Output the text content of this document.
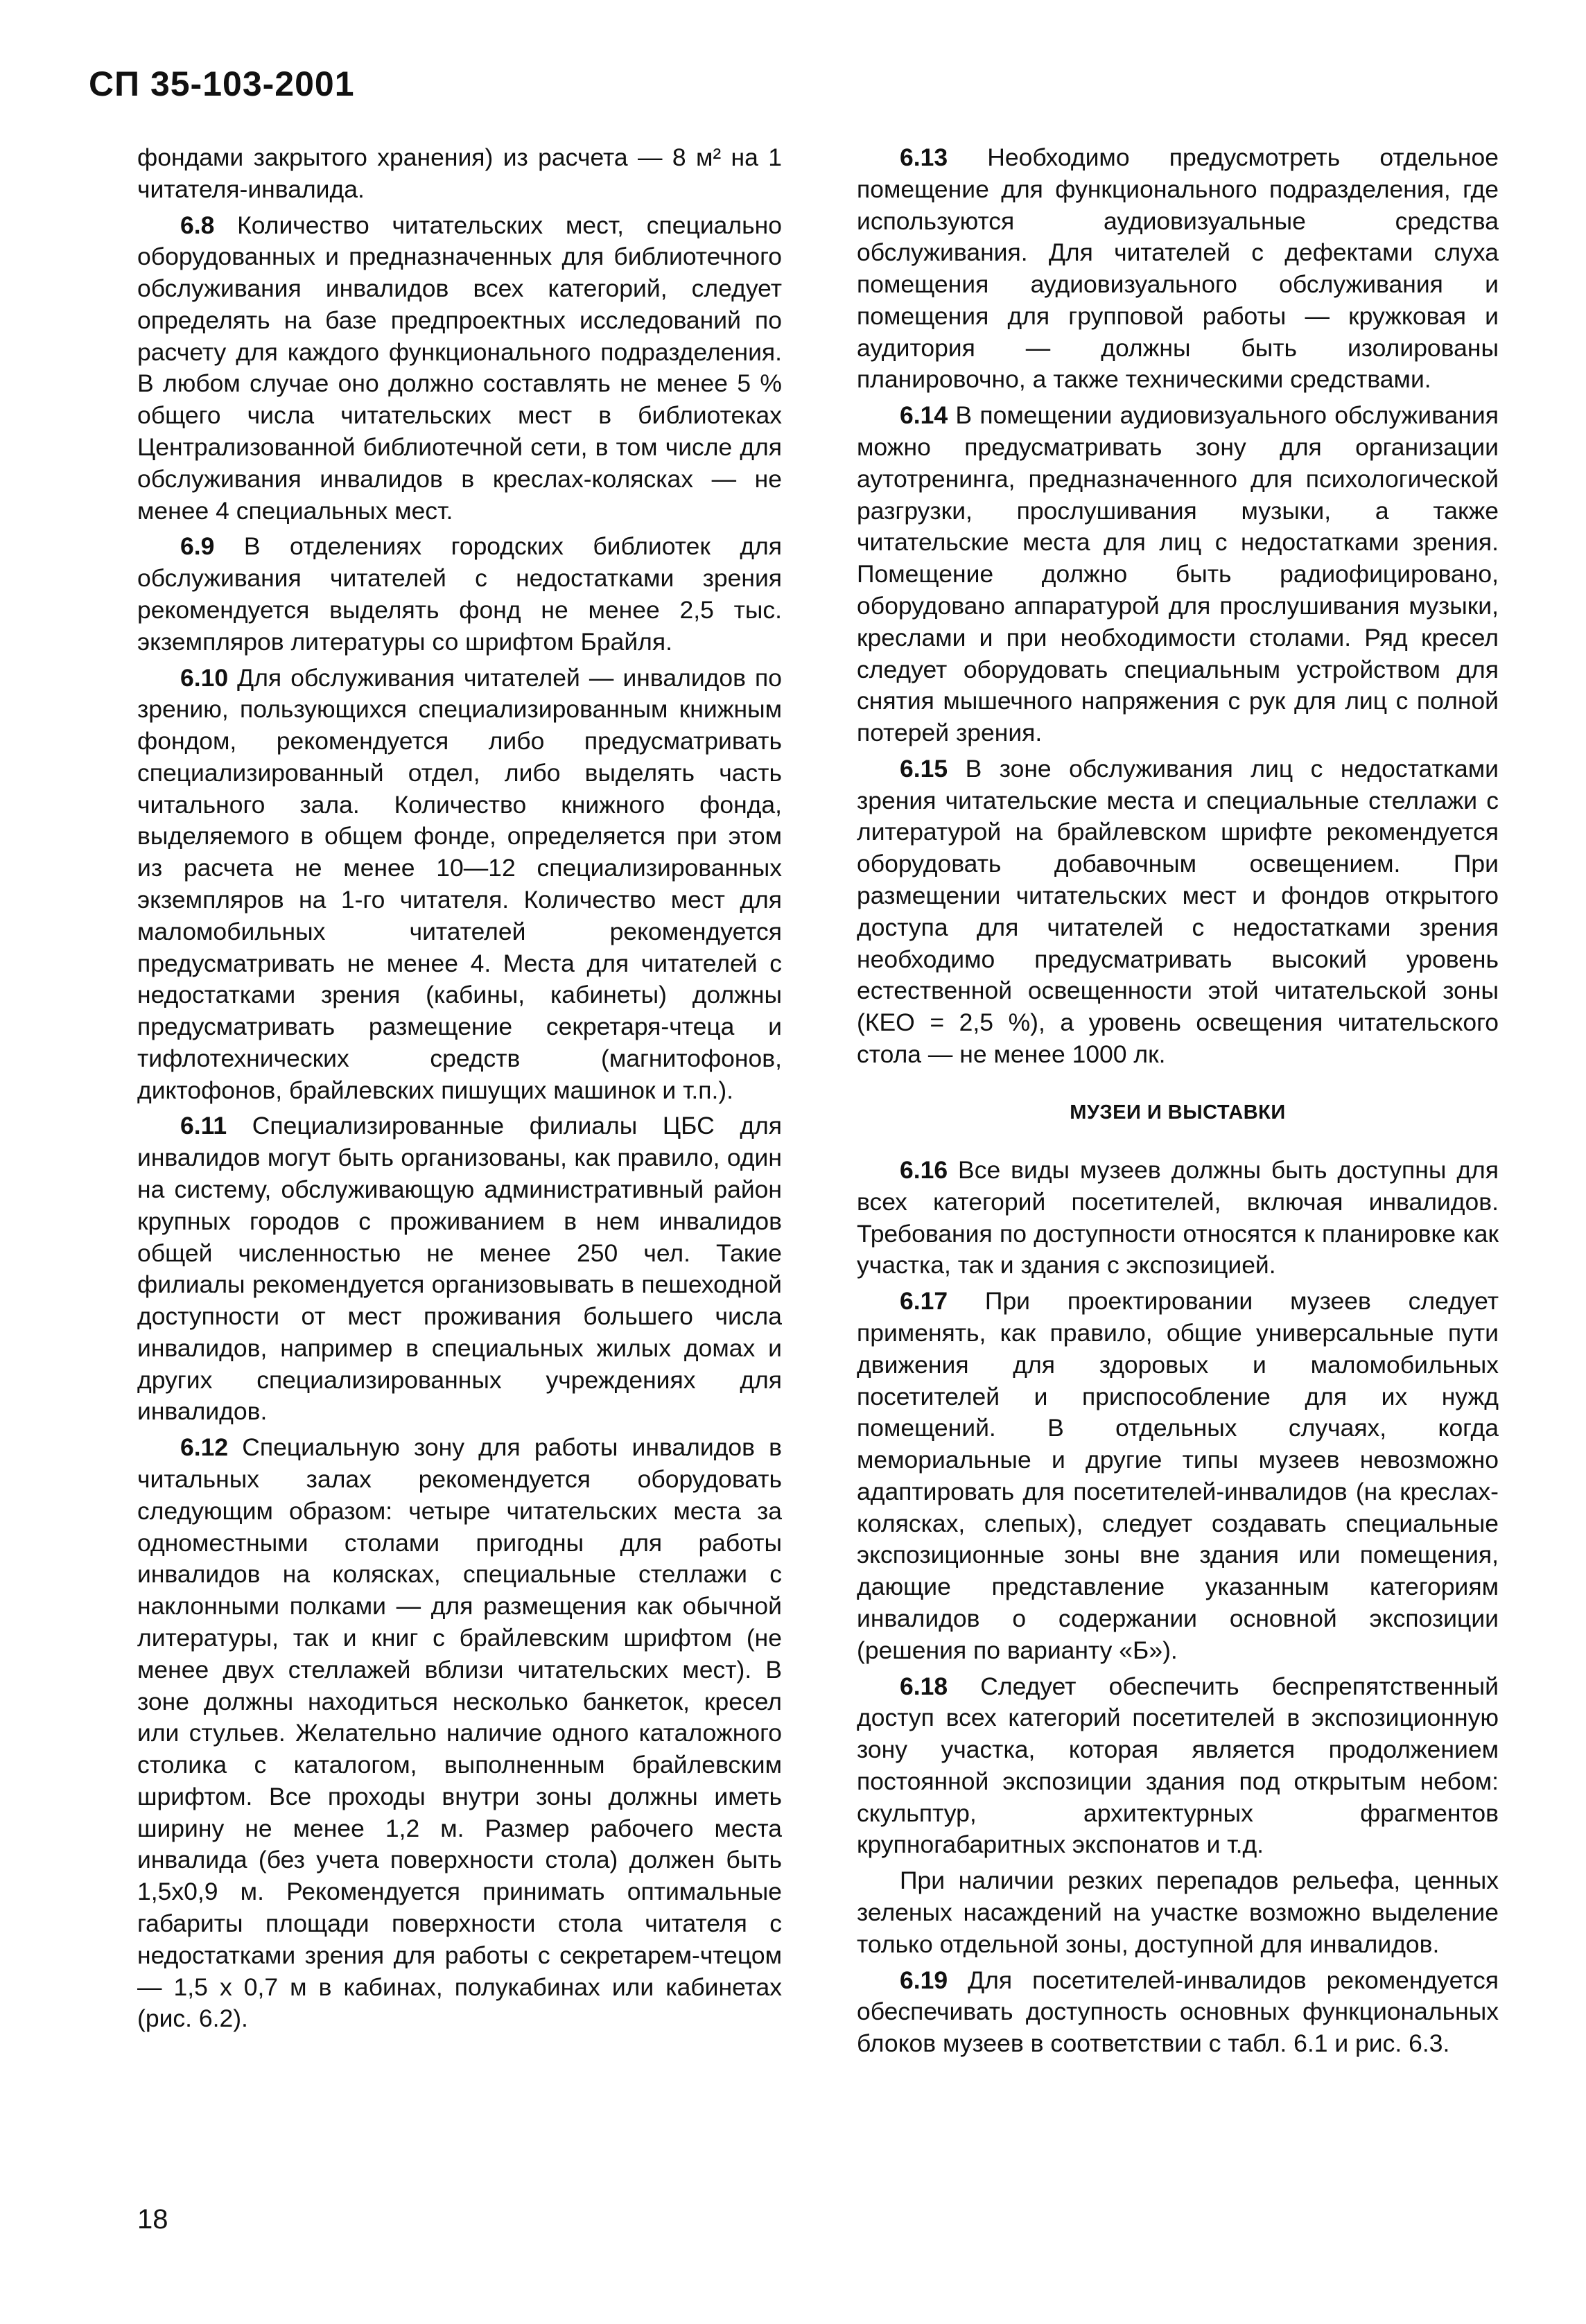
СП 35-103-2001

фондами закрытого хранения) из расчета — 8 м² на 1 читателя-инвалида.

6.8 Количество читательских мест, специально оборудованных и предназначенных для библиотечного обслуживания инвалидов всех категорий, следует определять на базе предпроектных исследований по расчету для каждого функционального подразделения. В любом случае оно должно составлять не менее 5 % общего числа читательских мест в библиотеках Централизованной библиотечной сети, в том числе для обслуживания инвалидов в креслах-колясках — не менее 4 специальных мест.

6.9 В отделениях городских библиотек для обслуживания читателей с недостатками зрения рекомендуется выделять фонд не менее 2,5 тыс. экземпляров литературы со шрифтом Брайля.

6.10 Для обслуживания читателей — инвалидов по зрению, пользующихся специализированным книжным фондом, рекомендуется либо предусматривать специализированный отдел, либо выделять часть читального зала. Количество книжного фонда, выделяемого в общем фонде, определяется при этом из расчета не менее 10—12 специализированных экземпляров на 1-го читателя. Количество мест для маломобильных читателей рекомендуется предусматривать не менее 4. Места для читателей с недостатками зрения (кабины, кабинеты) должны предусматривать размещение секретаря-чтеца и тифлотехнических средств (магнитофонов, диктофонов, брайлевских пишущих машинок и т.п.).

6.11 Специализированные филиалы ЦБС для инвалидов могут быть организованы, как правило, один на систему, обслуживающую административный район крупных городов с проживанием в нем инвалидов общей численностью не менее 250 чел. Такие филиалы рекомендуется организовывать в пешеходной доступности от мест проживания большего числа инвалидов, например в специальных жилых домах и других специализированных учреждениях для инвалидов.

6.12 Специальную зону для работы инвалидов в читальных залах рекомендуется оборудовать следующим образом: четыре читательских места за одноместными столами пригодны для работы инвалидов на колясках, специальные стеллажи с наклонными полками — для размещения как обычной литературы, так и книг с брайлевским шрифтом (не менее двух стеллажей вблизи читательских мест). В зоне должны находиться несколько банкеток, кресел или стульев. Желательно наличие одного каталожного столика с каталогом, выполненным брайлевским шрифтом. Все проходы внутри зоны должны иметь ширину не менее 1,2 м. Размер рабочего места инвалида (без учета поверхности стола) должен быть 1,5х0,9 м. Рекомендуется принимать оптимальные габариты площади поверхности стола читателя с недостатками зрения для работы с секретарем-чтецом — 1,5 х 0,7 м в кабинах, полукабинах или кабинетах (рис. 6.2).

6.13 Необходимо предусмотреть отдельное помещение для функционального подразделения, где используются аудиовизуальные средства обслуживания. Для читателей с дефектами слуха помещения аудиовизуального обслуживания и помещения для групповой работы — кружковая и аудитория — должны быть изолированы планировочно, а также техническими средствами.

6.14 В помещении аудиовизуального обслуживания можно предусматривать зону для организации аутотренинга, предназначенного для психологической разгрузки, прослушивания музыки, а также читательские места для лиц с недостатками зрения. Помещение должно быть радиофицировано, оборудовано аппаратурой для прослушивания музыки, креслами и при необходимости столами. Ряд кресел следует оборудовать специальным устройством для снятия мышечного напряжения с рук для лиц с полной потерей зрения.

6.15 В зоне обслуживания лиц с недостатками зрения читательские места и специальные стеллажи с литературой на брайлевском шрифте рекомендуется оборудовать добавочным освещением. При размещении читательских мест и фондов открытого доступа для читателей с недостатками зрения необходимо предусматривать высокий уровень естественной освещенности этой читательской зоны (КЕО = 2,5 %), а уровень освещения читательского стола — не менее 1000 лк.

МУЗЕИ И ВЫСТАВКИ

6.16 Все виды музеев должны быть доступны для всех категорий посетителей, включая инвалидов. Требования по доступности относятся к планировке как участка, так и здания с экспозицией.

6.17 При проектировании музеев следует применять, как правило, общие универсальные пути движения для здоровых и маломобильных посетителей и приспособление для их нужд помещений. В отдельных случаях, когда мемориальные и другие типы музеев невозможно адаптировать для посетителей-инвалидов (на креслах-колясках, слепых), следует создавать специальные экспозиционные зоны вне здания или помещения, дающие представление указанным категориям инвалидов о содержании основной экспозиции (решения по варианту «Б»).

6.18 Следует обеспечить беспрепятственный доступ всех категорий посетителей в экспозиционную зону участка, которая является продолжением постоянной экспозиции здания под открытым небом: скульптур, архитектурных фрагментов крупногабаритных экспонатов и т.д.

При наличии резких перепадов рельефа, ценных зеленых насаждений на участке возможно выделение только отдельной зоны, доступной для инвалидов.

6.19 Для посетителей-инвалидов рекомендуется обеспечивать доступность основных функциональных блоков музеев в соответствии с табл. 6.1 и рис. 6.3.

18
